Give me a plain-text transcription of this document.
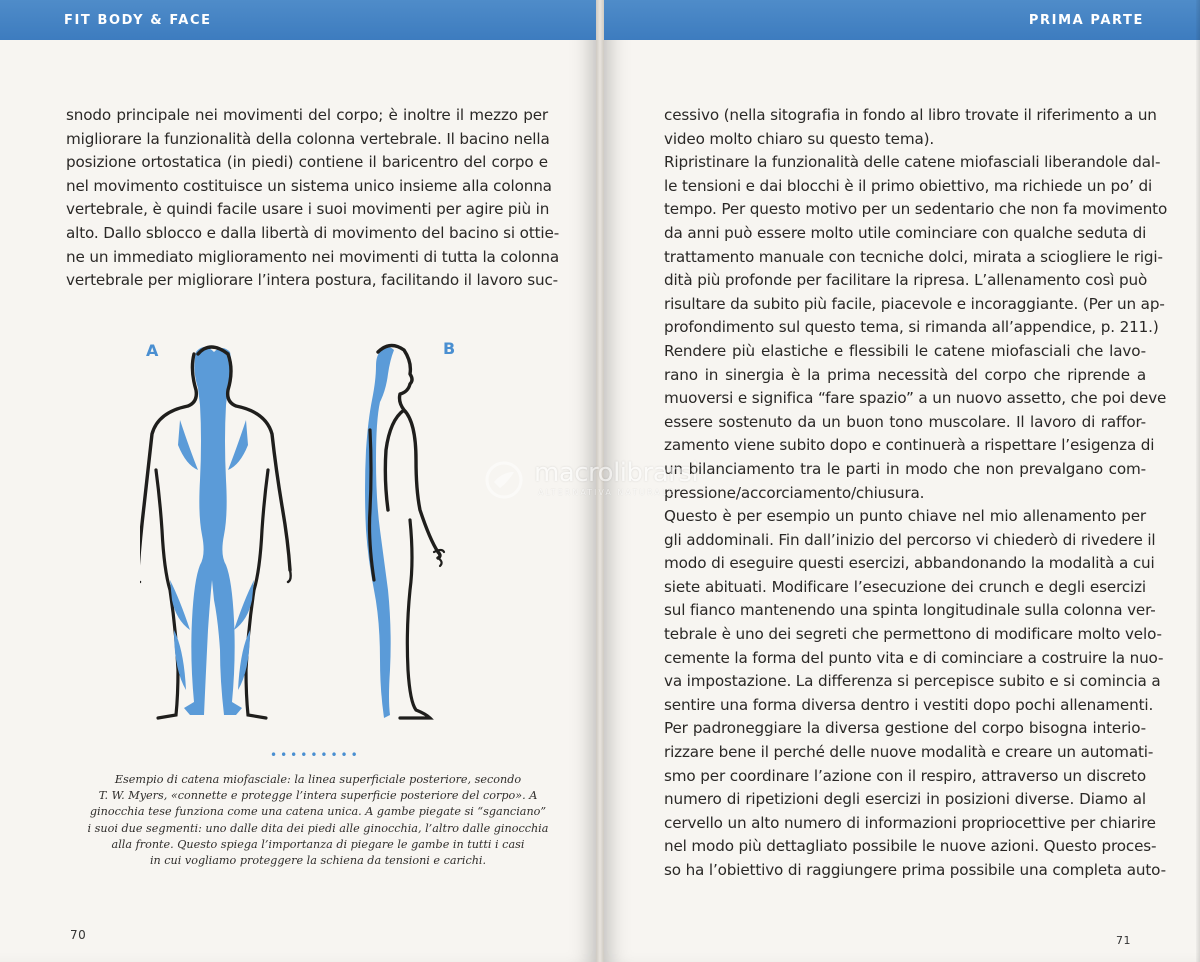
FIT BODY & FACE
snodo principale nei movimenti del corpo; è inoltre il mezzo per
migliorare la funzionalità della colonna vertebrale. Il bacino nella
posizione ortostatica (in piedi) contiene il baricentro del corpo e
nel movimento costituisce un sistema unico insieme alla colonna
vertebrale, è quindi facile usare i suoi movimenti per agire più in
alto. Dallo sblocco e dalla libertà di movimento del bacino si ottie-
ne un immediato miglioramento nei movimenti di tutta la colonna
vertebrale per migliorare l’intera postura, facilitando il lavoro suc-
A	B
•••••••••
Esempio di catena miofasciale: la linea superficiale posteriore, secondo
T. W. Myers, «connette e protegge l’intera superficie posteriore del corpo». A
ginocchia tese funziona come una catena unica. A gambe piegate si “sganciano”
i suoi due segmenti: uno dalle dita dei piedi alle ginocchia, l’altro dalle ginocchia
alla fronte. Questo spiega l’importanza di piegare le gambe in tutti i casi
in cui vogliamo proteggere la schiena da tensioni e carichi.
70
PRIMA PARTE
cessivo (nella sitografia in fondo al libro trovate il riferimento a un
video molto chiaro su questo tema).
Ripristinare la funzionalità delle catene miofasciali liberandole dal-
le tensioni e dai blocchi è il primo obiettivo, ma richiede un po’ di
tempo. Per questo motivo per un sedentario che non fa movimento
da anni può essere molto utile cominciare con qualche seduta di
trattamento manuale con tecniche dolci, mirata a sciogliere le rigi-
dità più profonde per facilitare la ripresa. L’allenamento così può
risultare da subito più facile, piacevole e incoraggiante. (Per un ap-
profondimento sul questo tema, si rimanda all’appendice, p. 211.)
Rendere più elastiche e flessibili le catene miofasciali che lavo-
rano in sinergia è la prima necessità del corpo che riprende a
muoversi e significa “fare spazio” a un nuovo assetto, che poi deve
essere sostenuto da un buon tono muscolare. Il lavoro di raffor-
zamento viene subito dopo e continuerà a rispettare l’esigenza di
un bilanciamento tra le parti in modo che non prevalgano com-
pressione/accorciamento/chiusura.
Questo è per esempio un punto chiave nel mio allenamento per
gli addominali. Fin dall’inizio del percorso vi chiederò di rivedere il
modo di eseguire questi esercizi, abbandonando la modalità a cui
siete abituati. Modificare l’esecuzione dei crunch e degli esercizi
sul fianco mantenendo una spinta longitudinale sulla colonna ver-
tebrale è uno dei segreti che permettono di modificare molto velo-
cemente la forma del punto vita e di cominciare a costruire la nuo-
va impostazione. La differenza si percepisce subito e si comincia a
sentire una forma diversa dentro i vestiti dopo pochi allenamenti.
Per padroneggiare la diversa gestione del corpo bisogna interio-
rizzare bene il perché delle nuove modalità e creare un automati-
smo per coordinare l’azione con il respiro, attraverso un discreto
numero di ripetizioni degli esercizi in posizioni diverse. Diamo al
cervello un alto numero di informazioni propriocettive per chiarire
nel modo più dettagliato possibile le nuove azioni. Questo proces-
so ha l’obiettivo di raggiungere prima possibile una completa auto-
71
macrolibrarsi
ALTERNATIVA NATURALE
